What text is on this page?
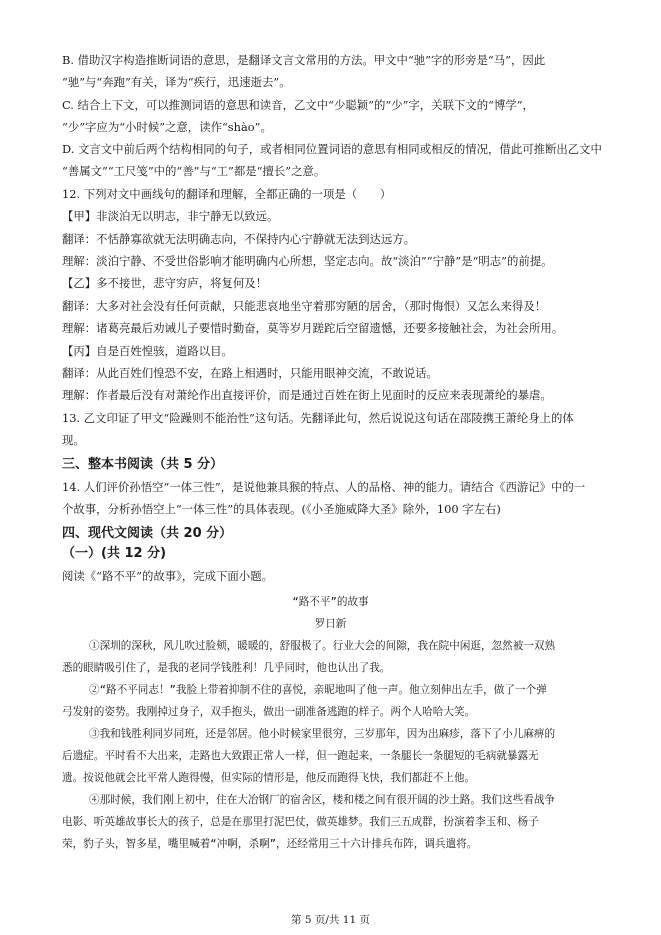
B. 借助汉字构造推断词语的意思，是翻译文言文常用的方法。甲文中“驰”字的形旁是“马”，因此
“驰”与“奔跑”有关，译为“疾行，迅速逝去”。
C. 结合上下文，可以推测词语的意思和读音，乙文中“少聪颖”的“少”字，关联下文的“博学”，
“少”字应为“小时候”之意，读作“shào”。
D. 文言文中前后两个结构相同的句子，或者相同位置词语的意思有相同或相反的情况，借此可推断出乙文中
“善属文”“工尺笺”中的“善”与“工”都是“擅长”之意。
12. 下列对文中画线句的翻译和理解，全都正确的一项是（　　）
【甲】非淡泊无以明志，非宁静无以致远。
翻译：不恬静寡欲就无法明确志向，不保持内心宁静就无法到达远方。
理解：淡泊宁静、不受世俗影响才能明确内心所想，坚定志向。故“淡泊”“宁静”是“明志”的前提。
【乙】多不接世，悲守穷庐，将复何及！
翻译：大多对社会没有任何贡献，只能悲哀地坐守着那穷陋的居舍，（那时悔恨）又怎么来得及！
理解：诸葛亮最后劝诫儿子要惜时勤奋，莫等岁月蹉跎后空留遗憾，还要多接触社会，为社会所用。
【丙】自是百姓惶骇，道路以目。
翻译：从此百姓们惶恐不安，在路上相遇时，只能用眼神交流，不敢说话。
理解：作者最后没有对萧纶作出直接评价，而是通过百姓在街上见面时的反应来表现萧纶的暴虐。
13. 乙文印证了甲文“险躁则不能治性”这句话。先翻译此句，然后说说这句话在邵陵携王萧纶身上的体
现。
三、整本书阅读（共 5 分）
14. 人们评价孙悟空“一体三性”，是说他兼具猴的特点、人的品格、神的能力。请结合《西游记》中的一
个故事，分析孙悟空上“一体三性”的具体表现。(《小圣施威降大圣》除外，100 字左右)
四、现代文阅读（共 20 分）
（一）(共 12 分)
阅读《“路不平”的故事》，完成下面小题。
“路不平”的故事
罗日新
①深圳的深秋，风儿吹过脸颊，暖暖的，舒服极了。行业大会的间隙，我在院中闲逛，忽然被一双熟
悉的眼睛吸引住了，是我的老同学钱胜利！几乎同时，他也认出了我。
②“路不平同志！”我脸上带着抑制不住的喜悦，亲昵地叫了他一声。他立刻伸出左手，做了一个弹
弓发射的姿势。我刚掉过身子，双手抱头，做出一副准备逃跑的样子。两个人哈哈大笑。
③我和钱胜利同岁同班，还是邻居。他小时候家里很穷，三岁那年，因为出麻疹，落下了小儿麻痹的
后遗症。平时看不大出来，走路也大致跟正常人一样，但一跑起来，一条腿长一条腿短的毛病就暴露无
遗。按说他就会比平常人跑得慢，但实际的情形是，他反而跑得飞快，我们都赶不上他。
④那时候，我们刚上初中，住在大冶钢厂的宿舍区，楼和楼之间有很开阔的沙土路。我们这些看战争
电影、听英雄故事长大的孩子，总是在那里打泥巴仗，做英雄梦。我们三五成群，扮演着李玉和、杨子
荣，豹子头，智多星，嘴里喊着“冲啊，杀啊”，还经常用三十六计排兵布阵，调兵遣将。
第 5 页/共 11 页
